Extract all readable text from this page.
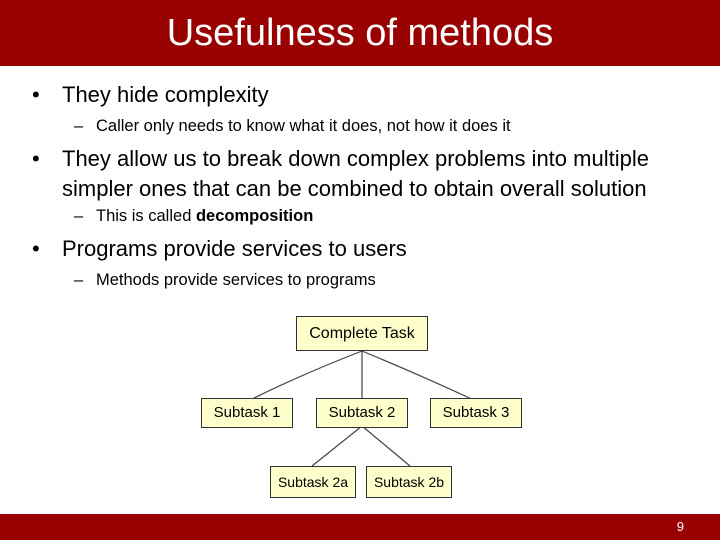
Usefulness of methods
• They hide complexity
– Caller only needs to know what it does, not how it does it
• They allow us to break down complex problems into multiple
simpler ones that can be combined to obtain overall solution
– This is called decomposition
• Programs provide services to users
– Methods provide services to programs
Complete Task
Subtask 1	Subtask 2	Subtask 3
Subtask 2a	Subtask 2b
9
